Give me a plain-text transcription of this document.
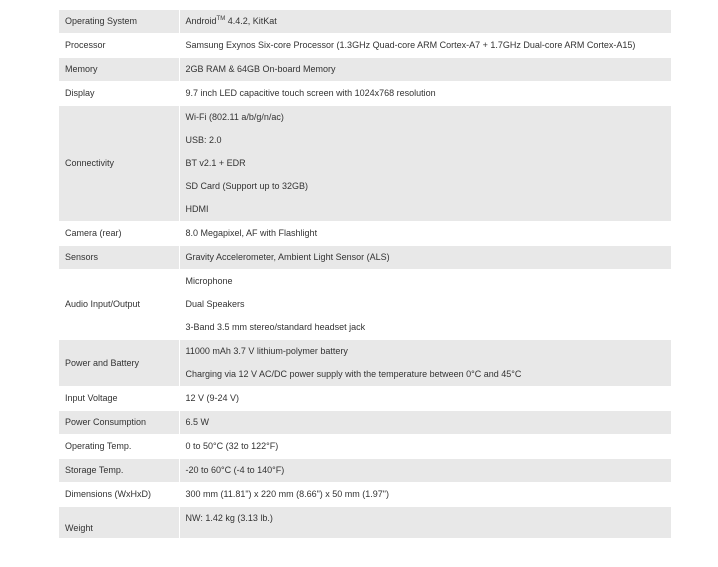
Operating System	Android™ 4.4.2, KitKat

Processor	Samsung Exynos Six-core Processor (1.3GHz Quad-core ARM Cortex-A7 + 1.7GHz Dual-core ARM Cortex-A15)

Memory	2GB RAM & 64GB On-board Memory

Display	9.7 inch LED capacitive touch screen with 1024x768 resolution

Connectivity	Wi-Fi (802.11 a/b/g/n/ac)
USB: 2.0
BT v2.1 + EDR
SD Card (Support up to 32GB)
HDMI

Camera (rear)	8.0 Megapixel, AF with Flashlight

Sensors	Gravity Accelerometer, Ambient Light Sensor (ALS)

Audio Input/Output	Microphone
Dual Speakers
3-Band 3.5 mm stereo/standard headset jack

Power and Battery	11000 mAh 3.7 V lithium-polymer battery
Charging via 12 V AC/DC power supply with the temperature between 0°C and 45°C

Input Voltage	12 V (9-24 V)

Power Consumption	6.5 W

Operating Temp.	0 to 50°C (32 to 122°F)

Storage Temp.	-20 to 60°C (-4 to 140°F)

Dimensions (WxHxD)	300 mm (11.81") x 220 mm (8.66") x 50 mm (1.97")

Weight	NW: 1.42 kg (3.13 lb.)
